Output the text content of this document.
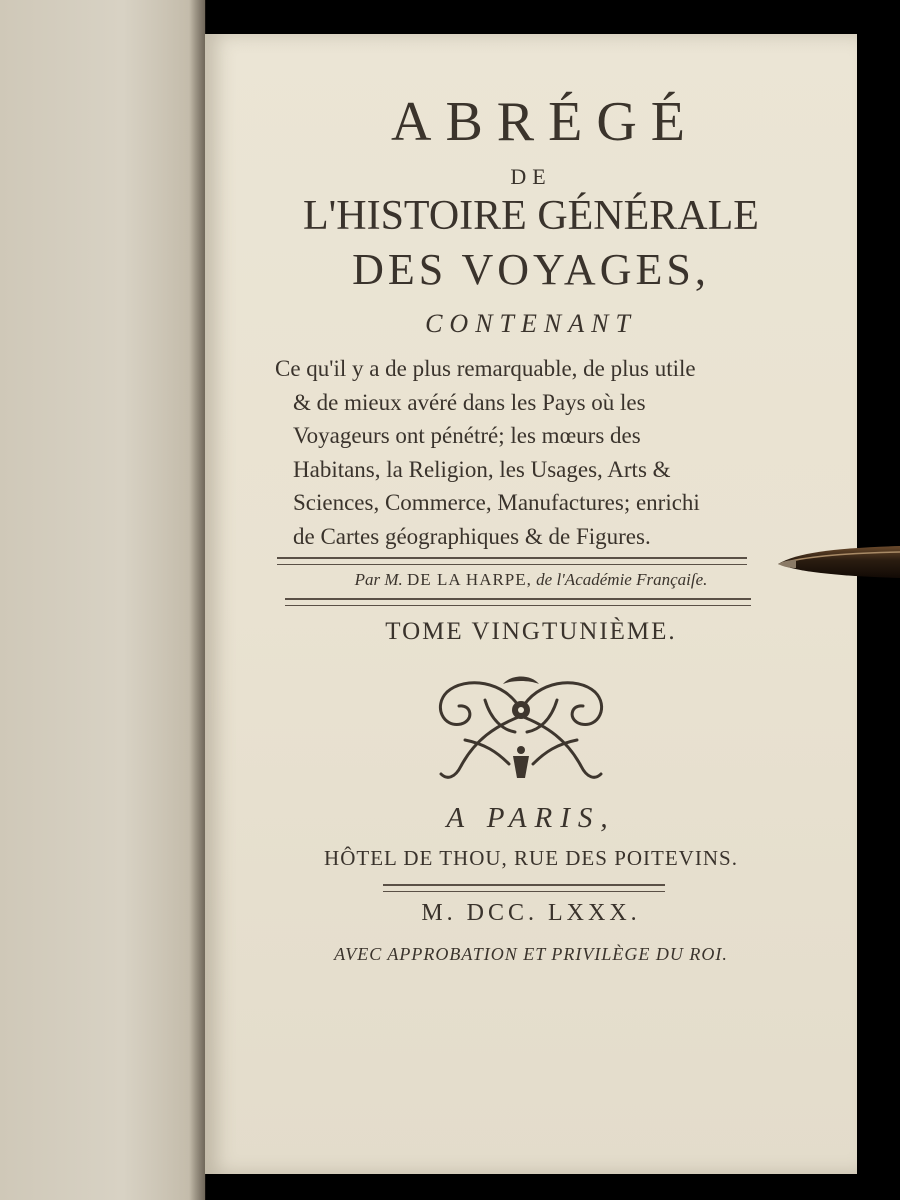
ABRÉGÉ
DE
L'HISTOIRE GÉNÉRALE
DES VOYAGES,
CONTENANT
Ce qu'il y a de plus remarquable, de plus utile
& de mieux avéré dans les Pays où les
Voyageurs ont pénétré; les mœurs des
Habitans, la Religion, les Usages, Arts &
Sciences, Commerce, Manufactures; enrichi
de Cartes géographiques & de Figures.
Par M. DE LA HARPE, de l'Académie Françaiſe.
TOME VINGTUNIÈME.
A PARIS,
HÔTEL DE THOU, RUE DES POITEVINS.
M. DCC. LXXX.
AVEC APPROBATION ET PRIVILÈGE DU ROI.
